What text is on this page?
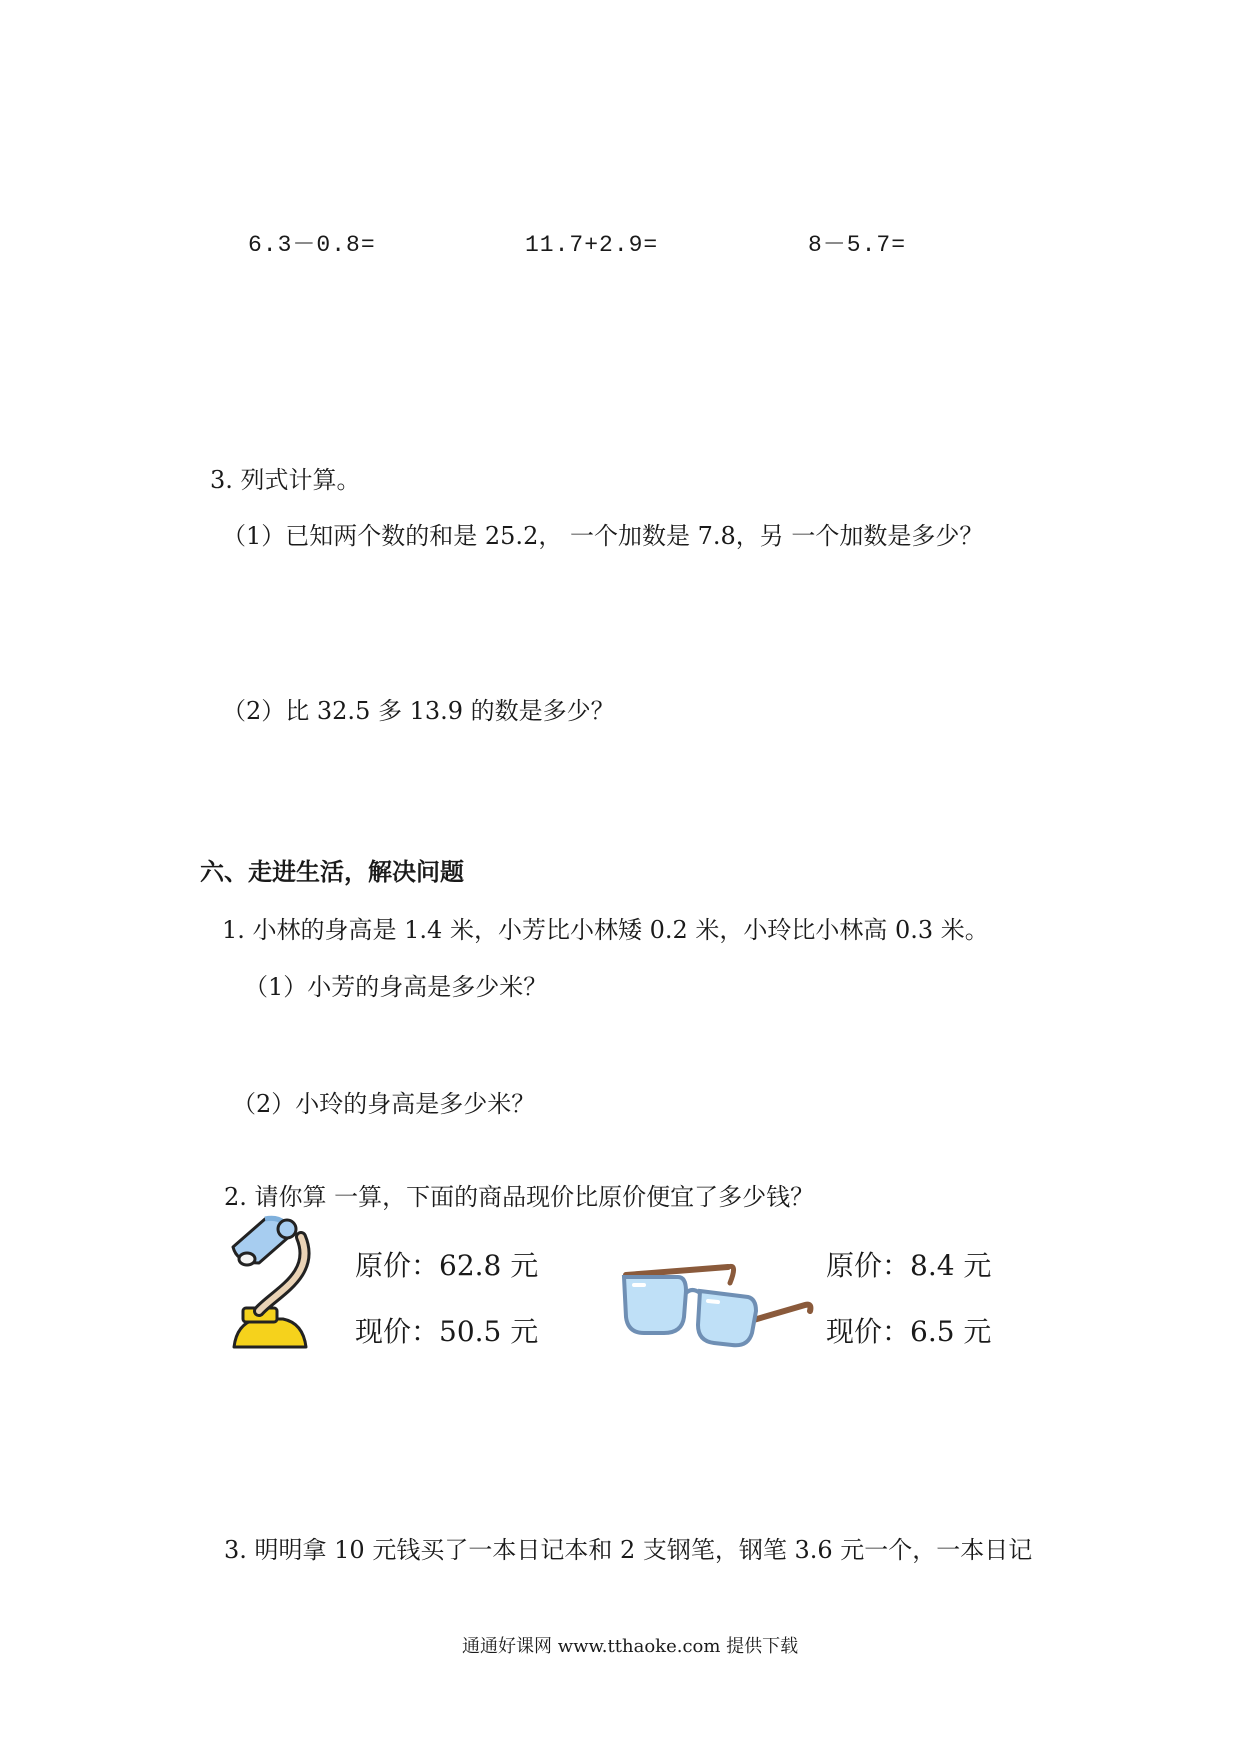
6.3－0.8=	11.7+2.9=	8－5.7=
3. 列式计算。
（1）已知两个数的和是 25.2， 一个加数是 7.8，另 一个加数是多少？
（2）比 32.5 多 13.9 的数是多少？
六、走进生活，解决问题
1. 小林的身高是 1.4 米，小芳比小林矮 0.2 米，小玲比小林高 0.3 米。
（1）小芳的身高是多少米？
（2）小玲的身高是多少米？
2. 请你算 一算，下面的商品现价比原价便宜了多少钱？
原价：62.8 元
现价：50.5 元
原价：8.4 元
现价：6.5 元
3. 明明拿 10 元钱买了一本日记本和 2 支钢笔，钢笔 3.6 元一个，一本日记
通通好课网 www.tthaoke.com 提供下载
